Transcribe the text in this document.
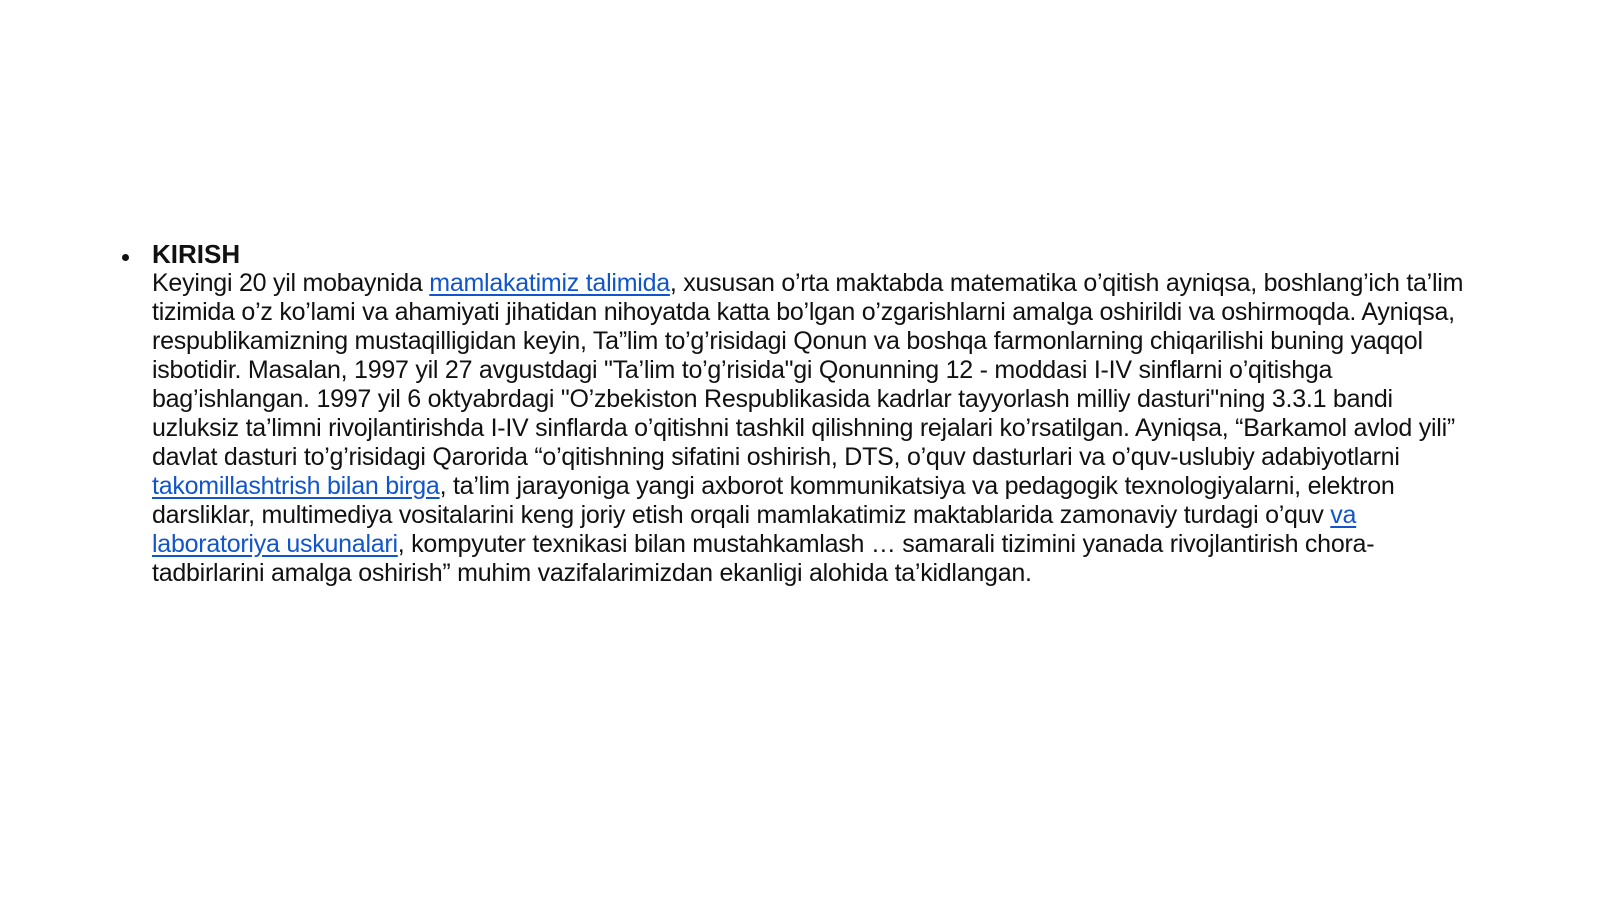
KIRISH
Keyingi 20 yil mobaynida mamlakatimiz talimida, xususan o’rta maktabda matematika o’qitish ayniqsa, boshlang’ich ta’lim tizimida o’z ko’lami va ahamiyati jihatidan nihoyatda katta bo’lgan o’zgarishlarni amalga oshirildi va oshirmoqda. Ayniqsa, respublikamizning mustaqilligidan keyin, Ta”lim to’g’risidagi Qonun va boshqa farmonlarning chiqarilishi buning yaqqol isbotidir. Masalan, 1997 yil 27 avgustdagi "Ta’lim to’g’risida"gi Qonunning 12 - moddasi I-IV sinflarni o’qitishga bag’ishlangan. 1997 yil 6 oktyabrdagi "O’zbekiston Respublikasida kadrlar tayyorlash milliy dasturi"ning 3.3.1 bandi uzluksiz ta’limni rivojlantirishda I-IV sinflarda o’qitishni tashkil qilishning rejalari ko’rsatilgan. Ayniqsa, “Barkamol avlod yili” davlat dasturi to’g’risidagi Qarorida “o’qitishning sifatini oshirish, DTS, o’quv dasturlari va o’quv-uslubiy adabiyotlarni takomillashtrish bilan birga, ta’lim jarayoniga yangi axborot kommunikatsiya va pedagogik texnologiyalarni, elektron darsliklar, multimediya vositalarini keng joriy etish orqali mamlakatimiz maktablarida zamonaviy turdagi o’quv va laboratoriya uskunalari, kompyuter texnikasi bilan mustahkamlash … samarali tizimini yanada rivojlantirish chora-tadbirlarini amalga oshirish” muhim vazifalarimizdan ekanligi alohida ta’kidlangan.
